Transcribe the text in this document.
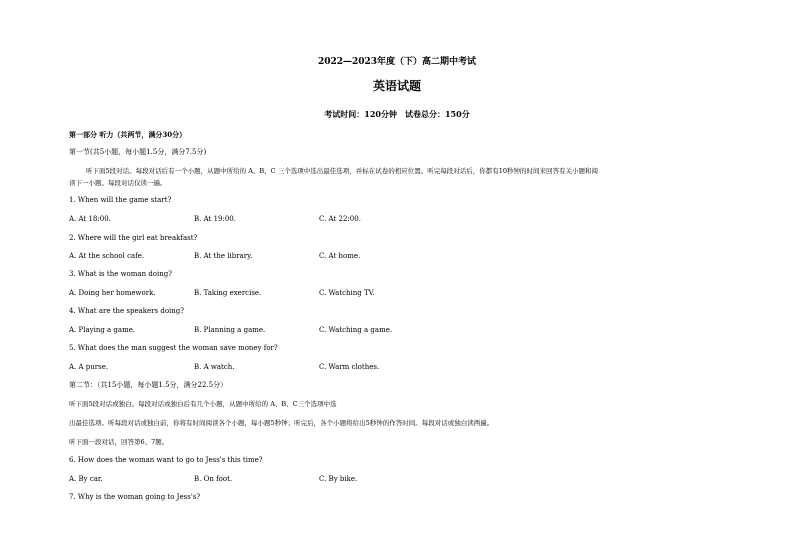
2022—2023年度（下）高二期中考试
英语试题
考试时间：120分钟　试卷总分：150分
第一部分 听力（共两节，满分30分）
第一节(共5小题，每小题1.5分，满分7.5分)
听下面5段对话。每段对话后有一个小题，从题中所给的 A、B、C 三个选项中选出最佳选项，并标在试卷的相应位置。听完每段对话后，你都有10秒钟的时间来回答有关小题和阅
读下一小题。每段对话仅读一遍。
1. When will the game start?
A. At 18:00.	B. At 19:00.	C. At 22:00.
2. Where will the girl eat breakfast?
A. At the school cafe.	B. At the library.	C. At home.
3. What is the woman doing?
A. Doing her homework.	B. Taking exercise.	C. Watching TV.
4. What are the speakers doing?
A. Playing a game.	B. Planning a game.	C. Watching a game.
5. What does the man suggest the woman save money for?
A. A purse.	B. A watch.	C. Warm clothes.
第二节：（共15小题，每小题1.5分，满分22.5分）
听下面5段对话或独白。每段对话或独白后有几个小题，从题中所给的 A、B、C三个选项中选
出最佳选项。听每段对话或独白前，你将有时间阅读各个小题，每小题5秒钟；听完后，各个小题将给出5秒钟的作答时间。每段对话或独白读两遍。
听下面一段对话，回答第6、7题。
6. How does the woman want to go to Jess's this time?
A. By car.	B. On foot.	C. By bike.
7. Why is the woman going to Jess's?
